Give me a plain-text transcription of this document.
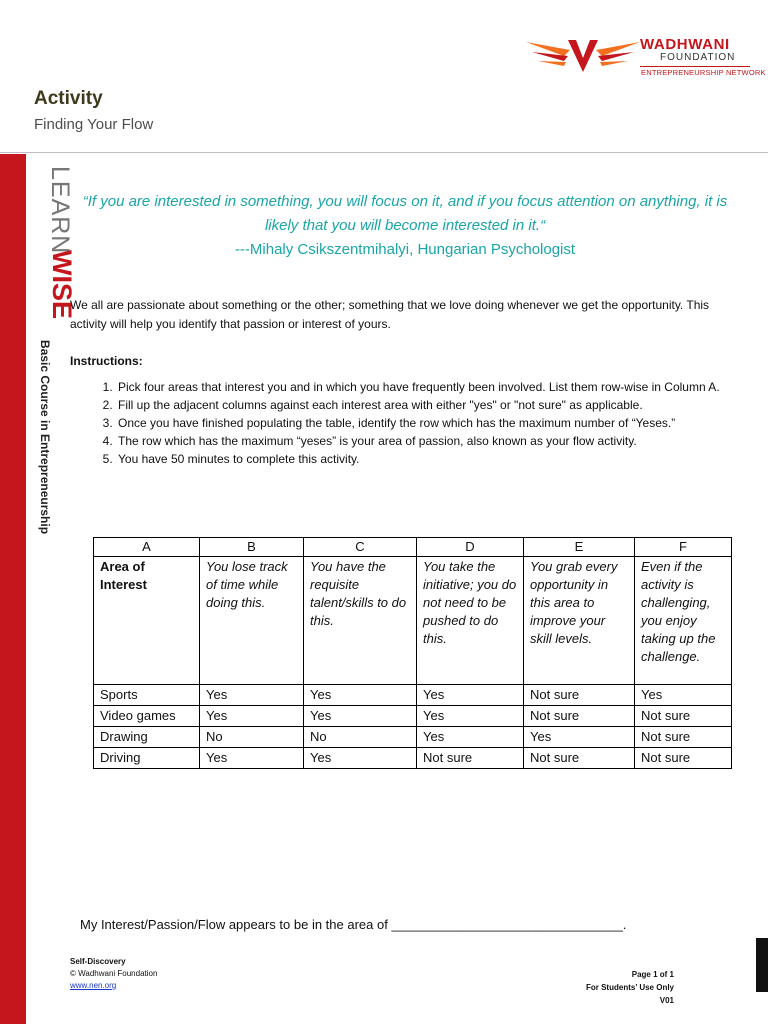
WADHWANI
FOUNDATION
ENTREPRENEURSHIP NETWORK
Activity
Finding Your Flow
LEARN
WISE
Basic Course in Entrepreneurship
“If you are interested in something, you will focus on it, and if you focus attention on anything, it is likely that you will become interested in it.“
---Mihaly Csikszentmihalyi, Hungarian Psychologist
We all are passionate about something or the other; something that we love doing whenever we get the opportunity. This activity will help you identify that passion or interest of yours.
Instructions:
1. Pick four areas that interest you and in which you have frequently been involved. List them row-wise in Column A.
2. Fill up the adjacent columns against each interest area with either "yes" or "not sure" as applicable.
3. Once you have finished populating the table, identify the row which has the maximum number of “Yeses.”
4. The row which has the maximum “yeses” is your area of passion, also known as your flow activity.
5. You have 50 minutes to complete this activity.
A	B	C	D	E	F
Area of Interest	You lose track of time while doing this.	You have the requisite talent/skills to do this.	You take the initiative; you do not need to be pushed to do this.	You grab every opportunity in this area to improve your skill levels.	Even if the activity is challenging, you enjoy taking up the challenge.
Sports	Yes	Yes	Yes	Not sure	Yes
Video games	Yes	Yes	Yes	Not sure	Not sure
Drawing	No	No	Yes	Yes	Not sure
Driving	Yes	Yes	Not sure	Not sure	Not sure
My Interest/Passion/Flow appears to be in the area of ________________________________.
Self-Discovery
© Wadhwani Foundation
www.nen.org
Page 1 of 1
For Students’ Use Only
V01
